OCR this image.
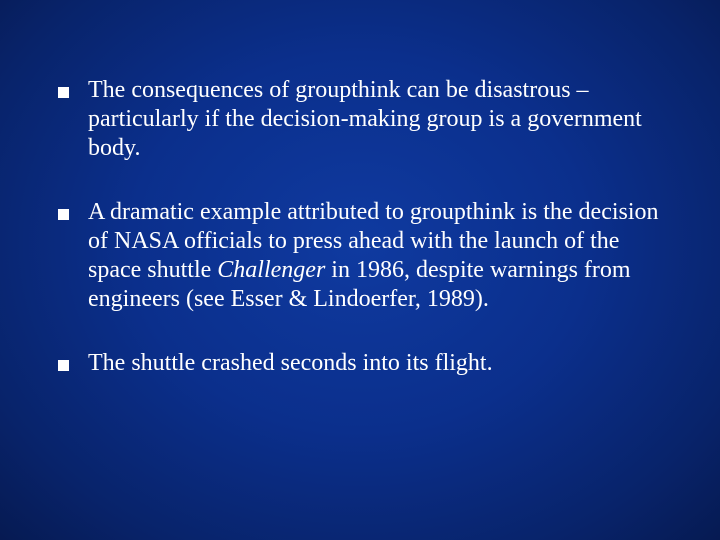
The consequences of groupthink can be disastrous – particularly if the decision-making group is a government body.
A dramatic example attributed to groupthink is the decision of NASA officials to press ahead with the launch of the space shuttle Challenger in 1986, despite warnings from engineers (see Esser & Lindoerfer, 1989).
The shuttle crashed seconds into its flight.
